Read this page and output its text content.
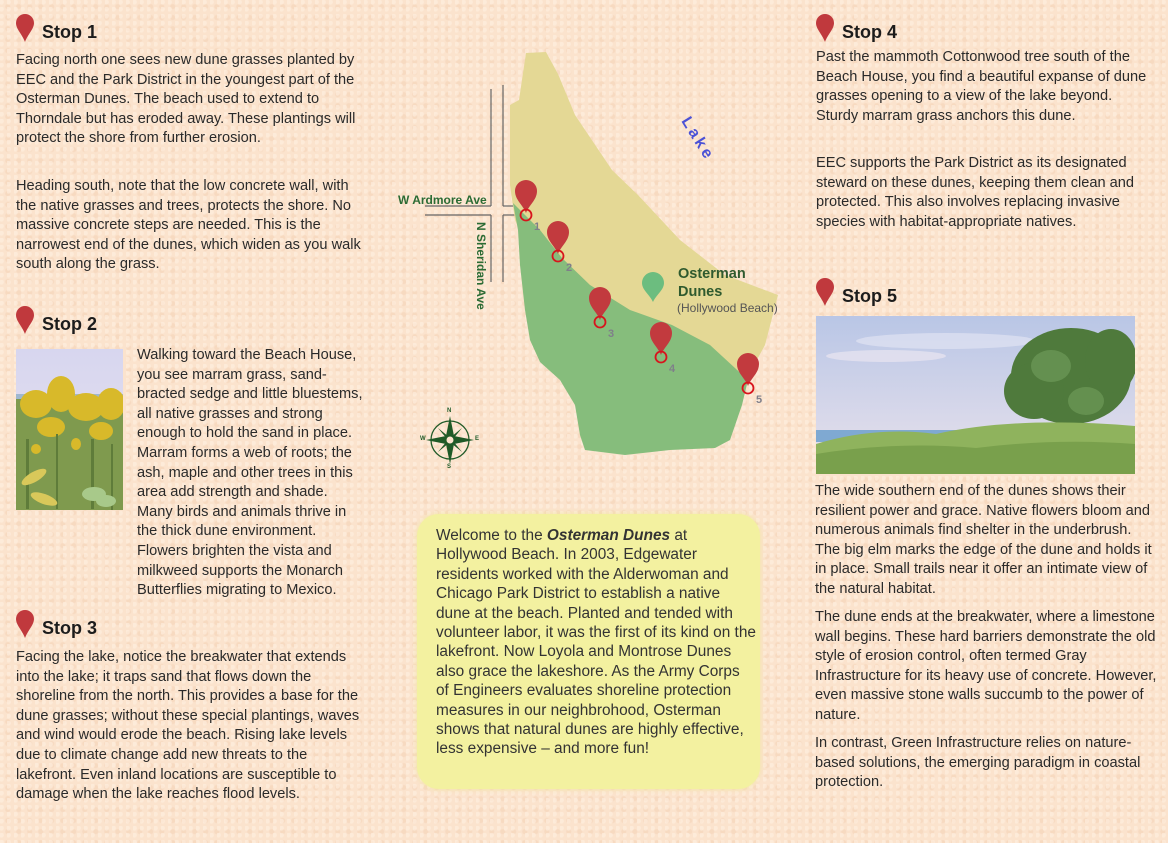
Stop 1

Facing north one sees new dune grasses planted by EEC and the Park District in the youngest part of the Osterman Dunes. The beach used to extend to Thorndale but has eroded away. These plantings will protect the shore from further erosion.

Heading south, note that the low concrete wall, with the native grasses and trees, protects the shore. No massive concrete steps are needed. This is the narrowest end of the dunes, which widen as you walk south along the grass.

Stop 2

Walking toward the Beach House, you see marram grass, sand-bracted sedge and little bluestems, all native grasses and strong enough to hold the sand in place. Marram forms a web of roots; the ash, maple and other trees in this area add strength and shade. Many birds and animals thrive in the thick dune environment. Flowers brighten the vista and milkweed supports the Monarch Butterflies migrating to Mexico.

Stop 3

Facing the lake, notice the breakwater that extends into the lake; it traps sand that flows down the shoreline from the north. This provides a base for the dune grasses; without these special plantings, waves and wind would erode the beach. Rising lake levels due to climate change add new threats to the lakefront. Even inland locations are susceptible to damage when the lake reaches flood levels.

1
2
3
4
5
Lake
W Ardmore Ave
N Sheridan Ave	Osterman
Dunes
(Hollywood Beach)
N
S
W	E

Welcome to the Osterman Dunes at Hollywood Beach. In 2003, Edgewater residents worked with the Alderwoman and Chicago Park District to establish a native dune at the beach. Planted and tended with volunteer labor, it was the first of its kind on the lakefront. Now Loyola and Montrose Dunes also grace the lakeshore. As the Army Corps of Engineers evaluates shoreline protection measures in our neighbrohood, Osterman shows that natural dunes are highly effective, less expensive – and more fun!

Stop 4

Past the mammoth Cottonwood tree south of the Beach House, you find a beautiful expanse of dune grasses opening to a view of the lake beyond. Sturdy marram grass anchors this dune.

EEC supports the Park District as its designated steward on these dunes, keeping them clean and protected. This also involves replacing invasive species with habitat-appropriate natives.

Stop 5

The wide southern end of the dunes shows their resilient power and grace. Native flowers bloom and numerous animals find shelter in the underbrush. The big elm marks the edge of the dune and holds it in place. Small trails near it offer an intimate view of the natural habitat.

The dune ends at the breakwater, where a limestone wall begins. These hard barriers demonstrate the old style of erosion control, often termed Gray Infrastructure for its heavy use of concrete. However, even massive stone walls succumb to the power of nature.

In contrast, Green Infrastructure relies on nature-based solutions, the emerging paradigm in coastal protection.
